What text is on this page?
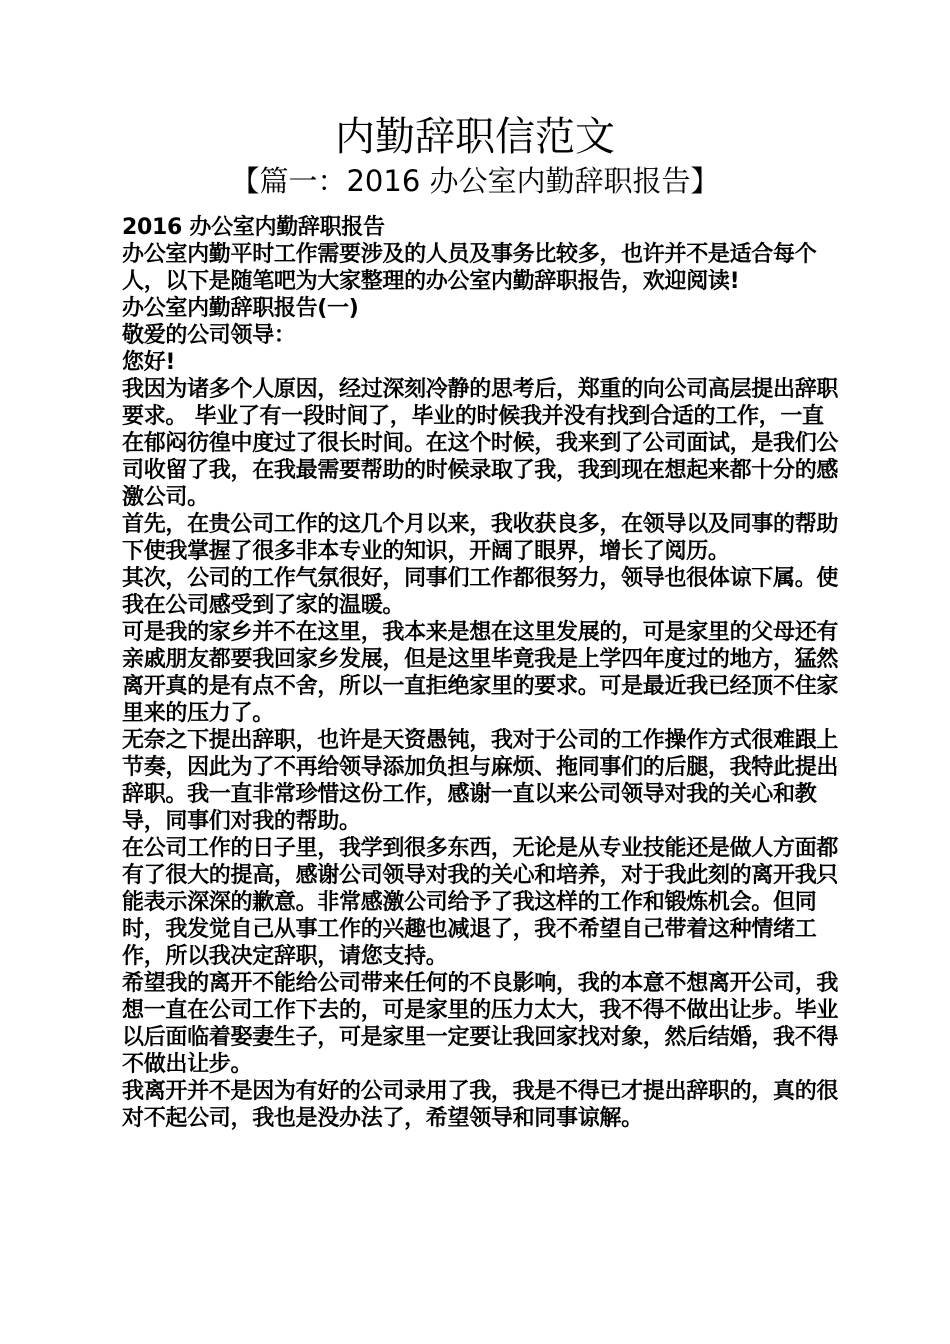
内勤辞职信范文
【篇一：2016 办公室内勤辞职报告】

2016 办公室内勤辞职报告

办公室内勤平时工作需要涉及的人员及事务比较多，也许并不是适合每个人，以下是随笔吧为大家整理的办公室内勤辞职报告，欢迎阅读!

办公室内勤辞职报告(一)

敬爱的公司领导：

您好!

我因为诸多个人原因，经过深刻冷静的思考后，郑重的向公司高层提出辞职要求。 毕业了有一段时间了，毕业的时候我并没有找到合适的工作，一直在郁闷彷徨中度过了很长时间。在这个时候，我来到了公司面试，是我们公司收留了我，在我最需要帮助的时候录取了我，我到现在想起来都十分的感激公司。

首先，在贵公司工作的这几个月以来，我收获良多，在领导以及同事的帮助下使我掌握了很多非本专业的知识，开阔了眼界，增长了阅历。

其次，公司的工作气氛很好，同事们工作都很努力，领导也很体谅下属。使我在公司感受到了家的温暖。

可是我的家乡并不在这里，我本来是想在这里发展的，可是家里的父母还有亲戚朋友都要我回家乡发展，但是这里毕竟我是上学四年度过的地方，猛然离开真的是有点不舍，所以一直拒绝家里的要求。可是最近我已经顶不住家里来的压力了。

无奈之下提出辞职，也许是天资愚钝，我对于公司的工作操作方式很难跟上节奏，因此为了不再给领导添加负担与麻烦、拖同事们的后腿，我特此提出辞职。我一直非常珍惜这份工作，感谢一直以来公司领导对我的关心和教导，同事们对我的帮助。

在公司工作的日子里，我学到很多东西，无论是从专业技能还是做人方面都有了很大的提高，感谢公司领导对我的关心和培养，对于我此刻的离开我只能表示深深的歉意。非常感激公司给予了我这样的工作和锻炼机会。但同时，我发觉自己从事工作的兴趣也减退了，我不希望自己带着这种情绪工作，所以我决定辞职，请您支持。

希望我的离开不能给公司带来任何的不良影响，我的本意不想离开公司，我想一直在公司工作下去的，可是家里的压力太大，我不得不做出让步。毕业以后面临着娶妻生子，可是家里一定要让我回家找对象，然后结婚，我不得不做出让步。

我离开并不是因为有好的公司录用了我，我是不得已才提出辞职的，真的很对不起公司，我也是没办法了，希望领导和同事谅解。
